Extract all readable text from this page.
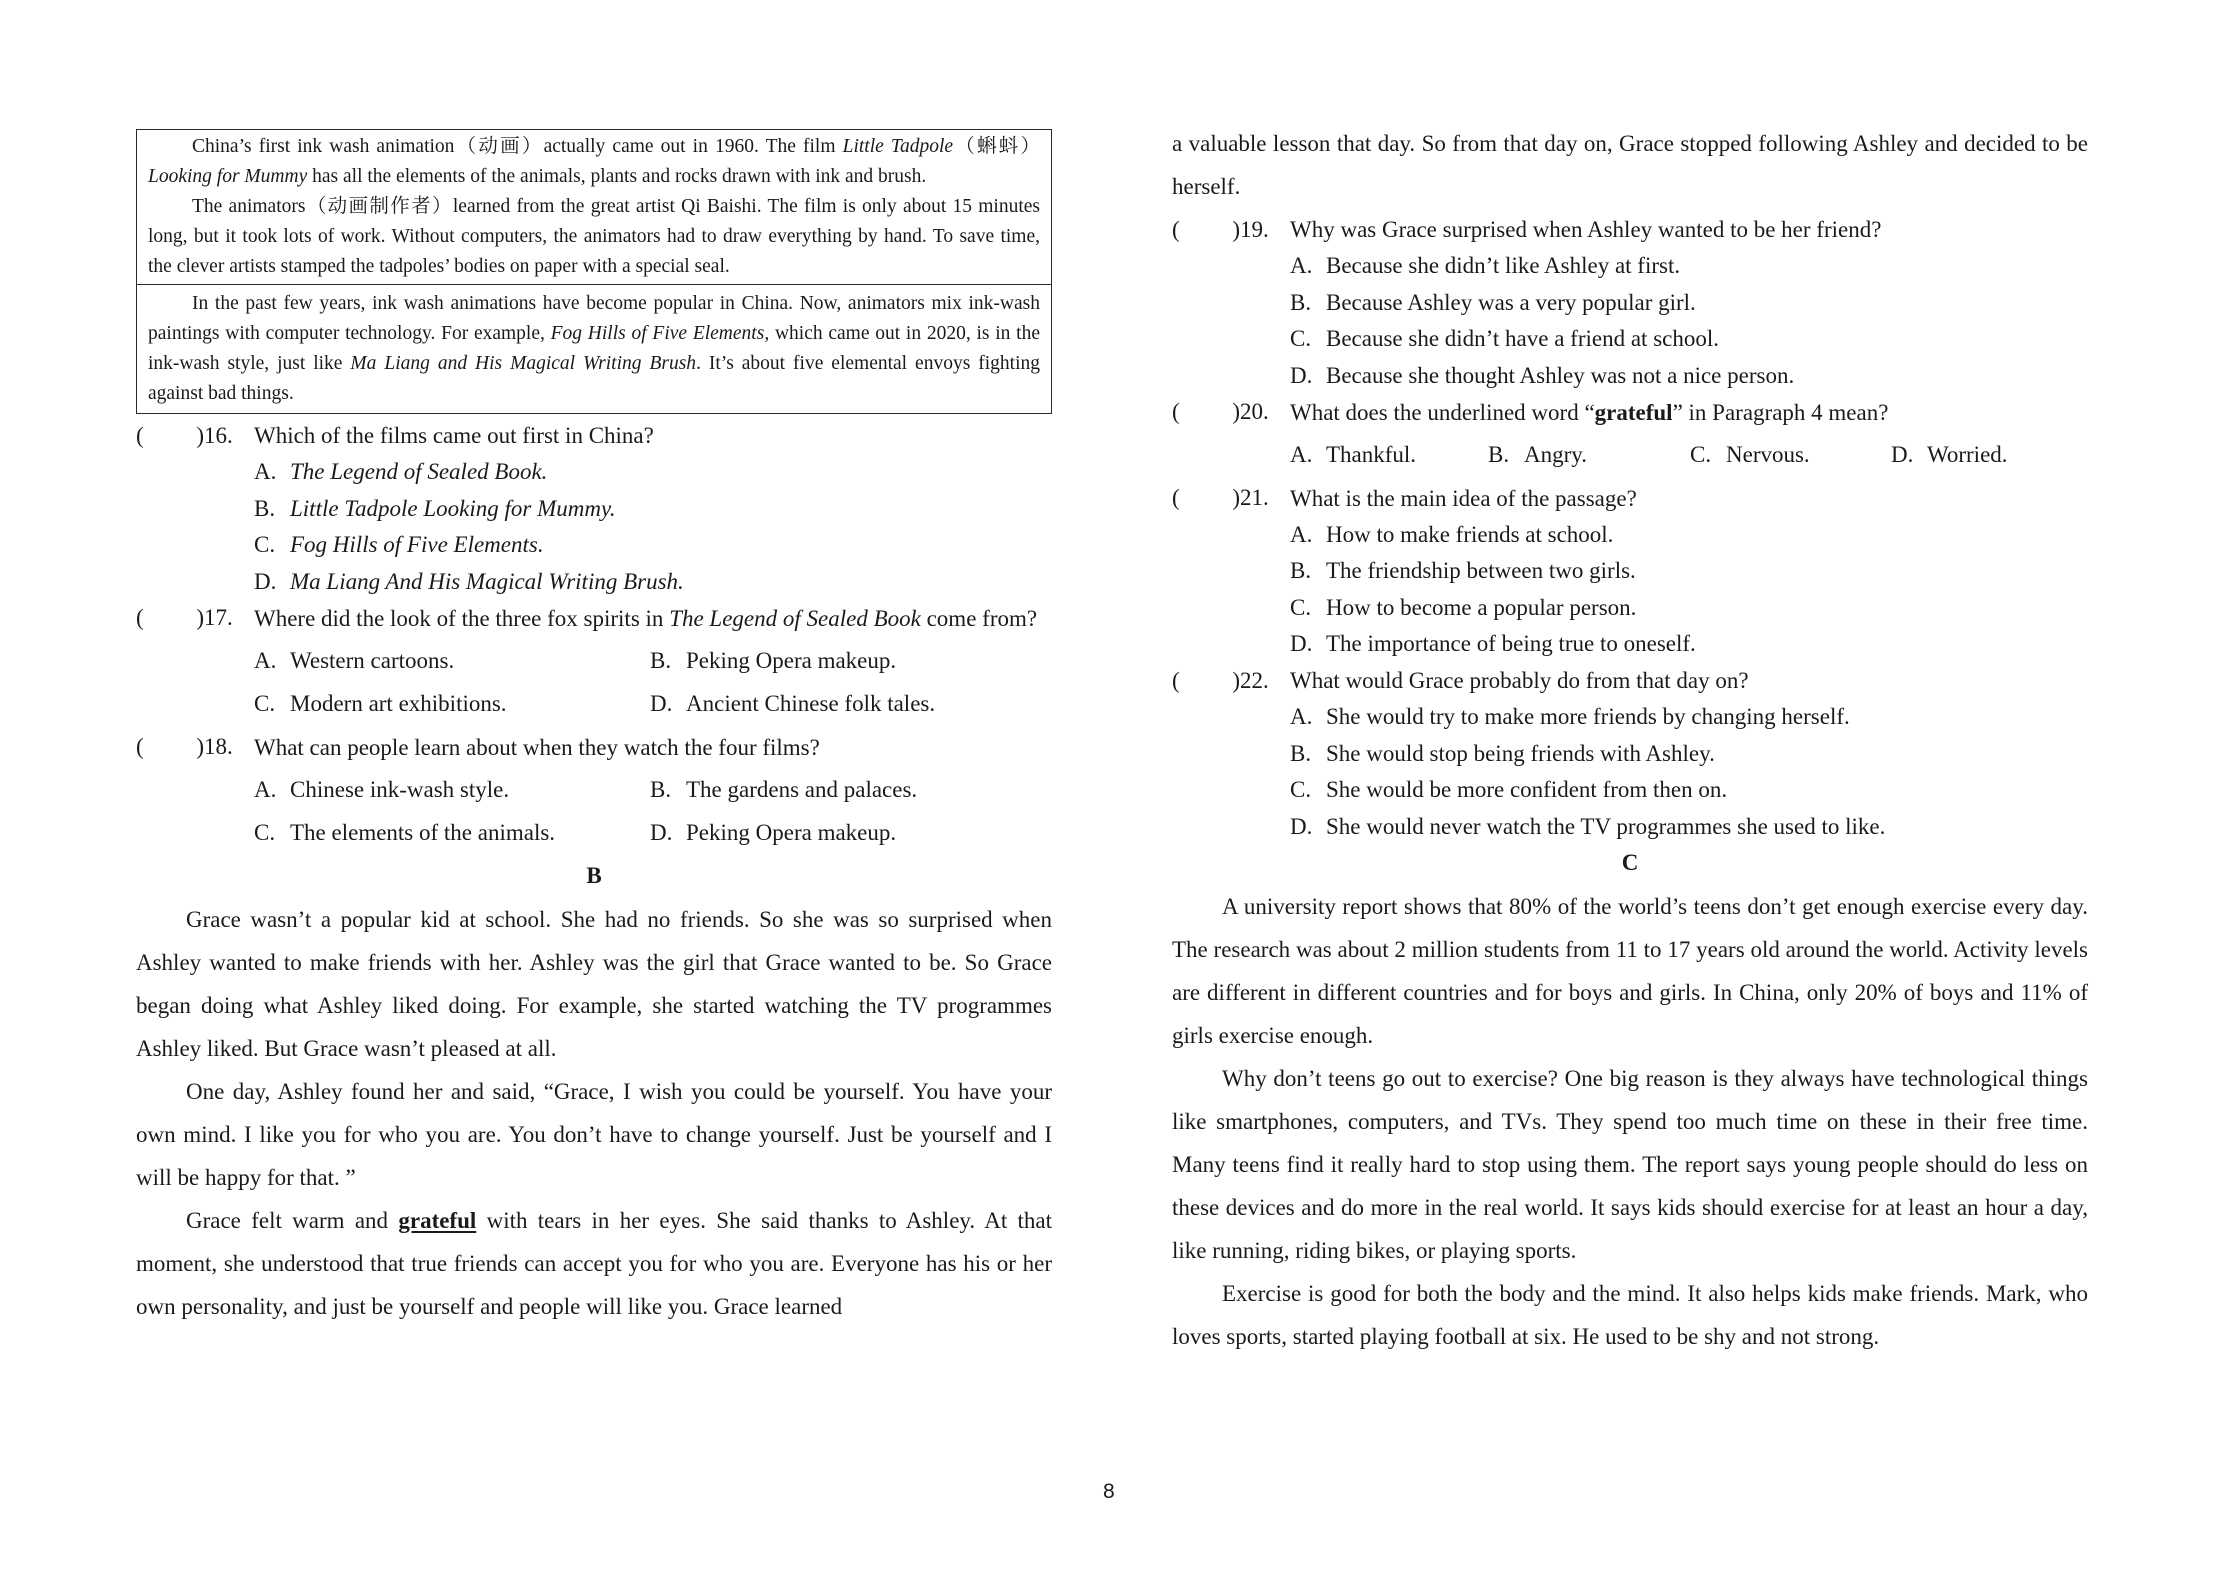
China’s first ink wash animation（动画）actually came out in 1960. The film Little Tadpole（蝌蚪）Looking for Mummy has all the elements of the animals, plants and rocks drawn with ink and brush.

The animators（动画制作者）learned from the great artist Qi Baishi. The film is only about 15 minutes long, but it took lots of work. Without computers, the animators had to draw everything by hand. To save time, the clever artists stamped the tadpoles’ bodies on paper with a special seal.

In the past few years, ink wash animations have become popular in China. Now, animators mix ink-wash paintings with computer technology. For example, Fog Hills of Five Elements, which came out in 2020, is in the ink-wash style, just like Ma Liang and His Magical Writing Brush. It’s about five elemental envoys fighting against bad things.

( )
16. Which of the films came out first in China?
A. The Legend of Sealed Book.
B. Little Tadpole Looking for Mummy.
C. Fog Hills of Five Elements.
D. Ma Liang And His Magical Writing Brush.
( )
17. Where did the look of the three fox spirits in The Legend of Sealed Book come from?
A. Western cartoons.	B. Peking Opera makeup.
C. Modern art exhibitions.	D. Ancient Chinese folk tales.
( )
18. What can people learn about when they watch the four films?
A. Chinese ink-wash style.	B. The gardens and palaces.
C. The elements of the animals.	D. Peking Opera makeup.
B

Grace wasn’t a popular kid at school. She had no friends. So she was so surprised when Ashley wanted to make friends with her. Ashley was the girl that Grace wanted to be. So Grace began doing what Ashley liked doing. For example, she started watching the TV programmes Ashley liked. But Grace wasn’t pleased at all.

One day, Ashley found her and said, “Grace, I wish you could be yourself. You have your own mind. I like you for who you are. You don’t have to change yourself. Just be yourself and I will be happy for that. ”

Grace felt warm and grateful with tears in her eyes. She said thanks to Ashley. At that moment, she understood that true friends can accept you for who you are. Everyone has his or her own personality, and just be yourself and people will like you. Grace learned

a valuable lesson that day. So from that day on, Grace stopped following Ashley and decided to be herself.

( )
19. Why was Grace surprised when Ashley wanted to be her friend?
A. Because she didn’t like Ashley at first.
B. Because Ashley was a very popular girl.
C. Because she didn’t have a friend at school.
D. Because she thought Ashley was not a nice person.
( )
20. What does the underlined word “grateful” in Paragraph 4 mean?
A. Thankful.	B. Angry.	C. Nervous.	D. Worried.
( )
21. What is the main idea of the passage?
A. How to make friends at school.
B. The friendship between two girls.
C. How to become a popular person.
D. The importance of being true to oneself.
( )
22. What would Grace probably do from that day on?
A. She would try to make more friends by changing herself.
B. She would stop being friends with Ashley.
C. She would be more confident from then on.
D. She would never watch the TV programmes she used to like.
C

A university report shows that 80% of the world’s teens don’t get enough exercise every day. The research was about 2 million students from 11 to 17 years old around the world. Activity levels are different in different countries and for boys and girls. In China, only 20% of boys and 11% of girls exercise enough.

Why don’t teens go out to exercise? One big reason is they always have technological things like smartphones, computers, and TVs. They spend too much time on these in their free time. Many teens find it really hard to stop using them. The report says young people should do less on these devices and do more in the real world. It says kids should exercise for at least an hour a day, like running, riding bikes, or playing sports.

Exercise is good for both the body and the mind. It also helps kids make friends. Mark, who loves sports, started playing football at six. He used to be shy and not strong.

8
